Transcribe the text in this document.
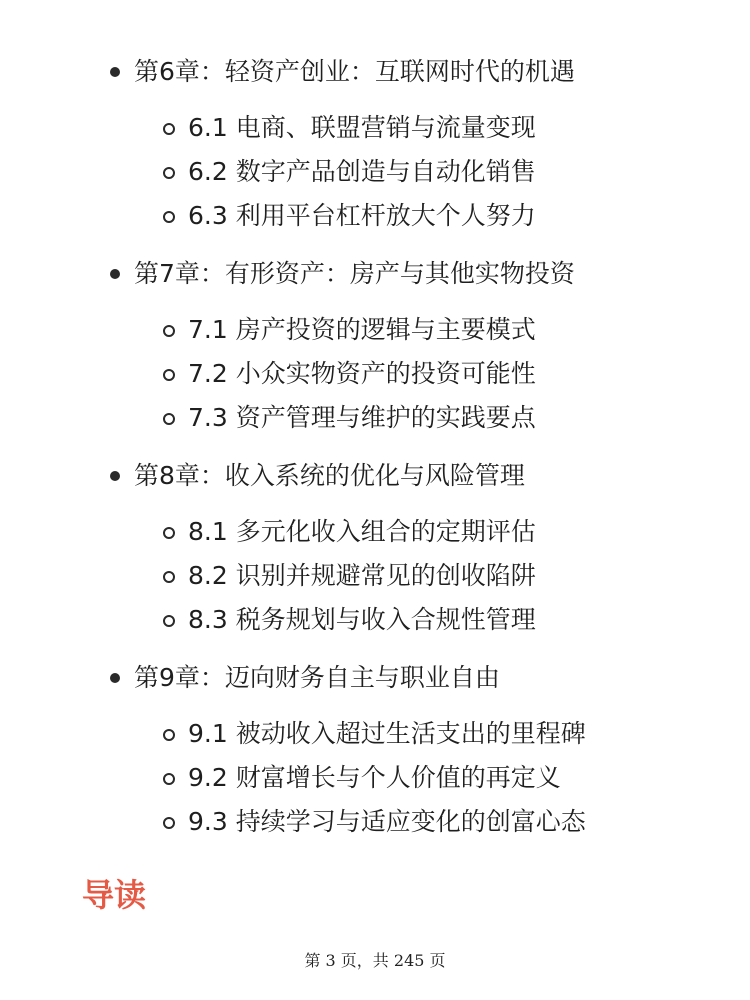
第6章：轻资产创业：互联网时代的机遇
6.1 电商、联盟营销与流量变现
6.2 数字产品创造与自动化销售
6.3 利用平台杠杆放大个人努力
第7章：有形资产：房产与其他实物投资
7.1 房产投资的逻辑与主要模式
7.2 小众实物资产的投资可能性
7.3 资产管理与维护的实践要点
第8章：收入系统的优化与风险管理
8.1 多元化收入组合的定期评估
8.2 识别并规避常见的创收陷阱
8.3 税务规划与收入合规性管理
第9章：迈向财务自主与职业自由
9.1 被动收入超过生活支出的里程碑
9.2 财富增长与个人价值的再定义
9.3 持续学习与适应变化的创富心态
导读
第 3 页，共 245 页
